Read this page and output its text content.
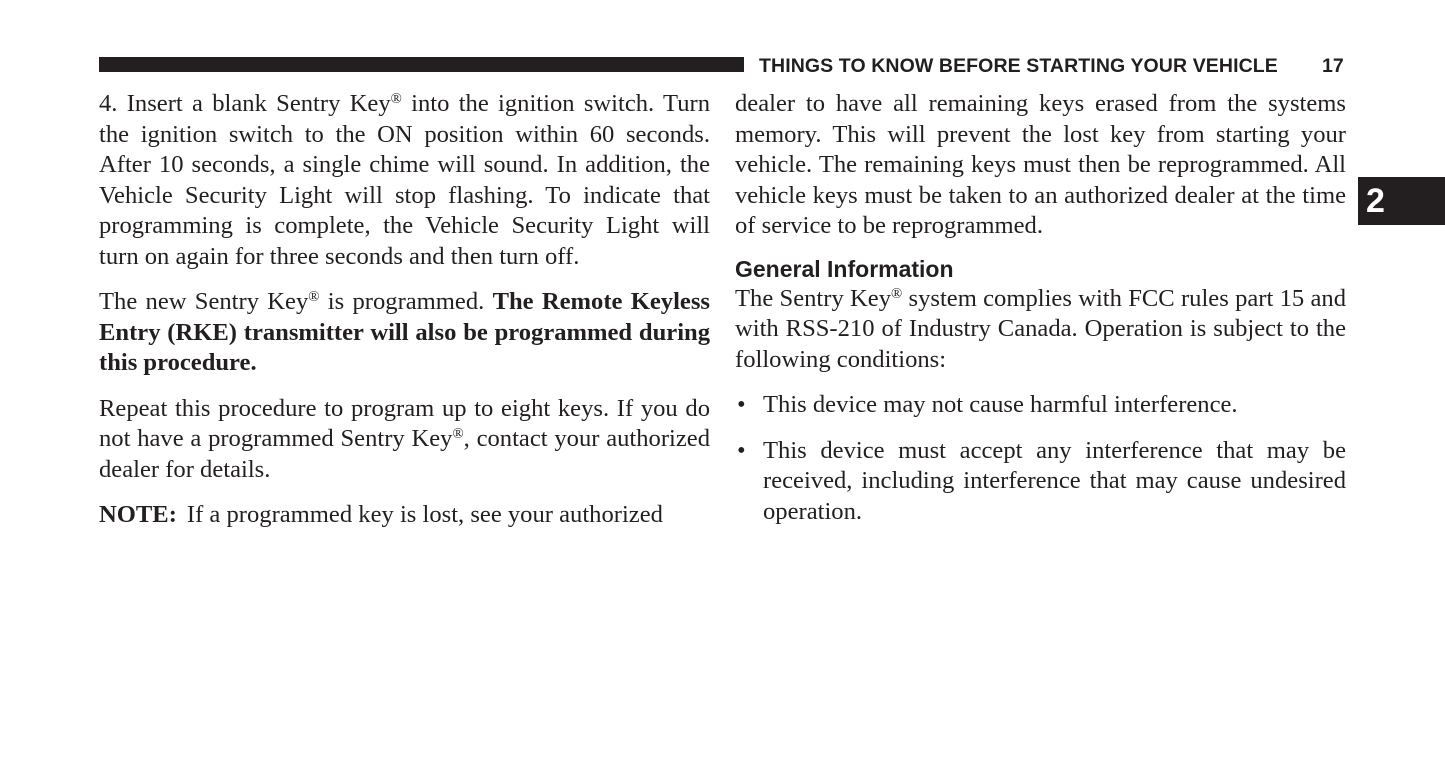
THINGS TO KNOW BEFORE STARTING YOUR VEHICLE 17
2

4. Insert a blank Sentry Key® into the ignition switch. Turn the ignition switch to the ON position within 60 seconds. After 10 seconds, a single chime will sound. In addition, the Vehicle Security Light will stop flashing. To indicate that programming is complete, the Vehicle Security Light will turn on again for three seconds and then turn off.

The new Sentry Key® is programmed. The Remote Keyless Entry (RKE) transmitter will also be programmed during this procedure.

Repeat this procedure to program up to eight keys. If you do not have a programmed Sentry Key®, contact your authorized dealer for details.

NOTE: If a programmed key is lost, see your authorized

dealer to have all remaining keys erased from the systems memory. This will prevent the lost key from starting your vehicle. The remaining keys must then be reprogrammed. All vehicle keys must be taken to an authorized dealer at the time of service to be reprogrammed.

General Information

The Sentry Key® system complies with FCC rules part 15 and with RSS-210 of Industry Canada. Operation is subject to the following conditions:

• This device may not cause harmful interference.
• This device must accept any interference that may be received, including interference that may cause undesired operation.
